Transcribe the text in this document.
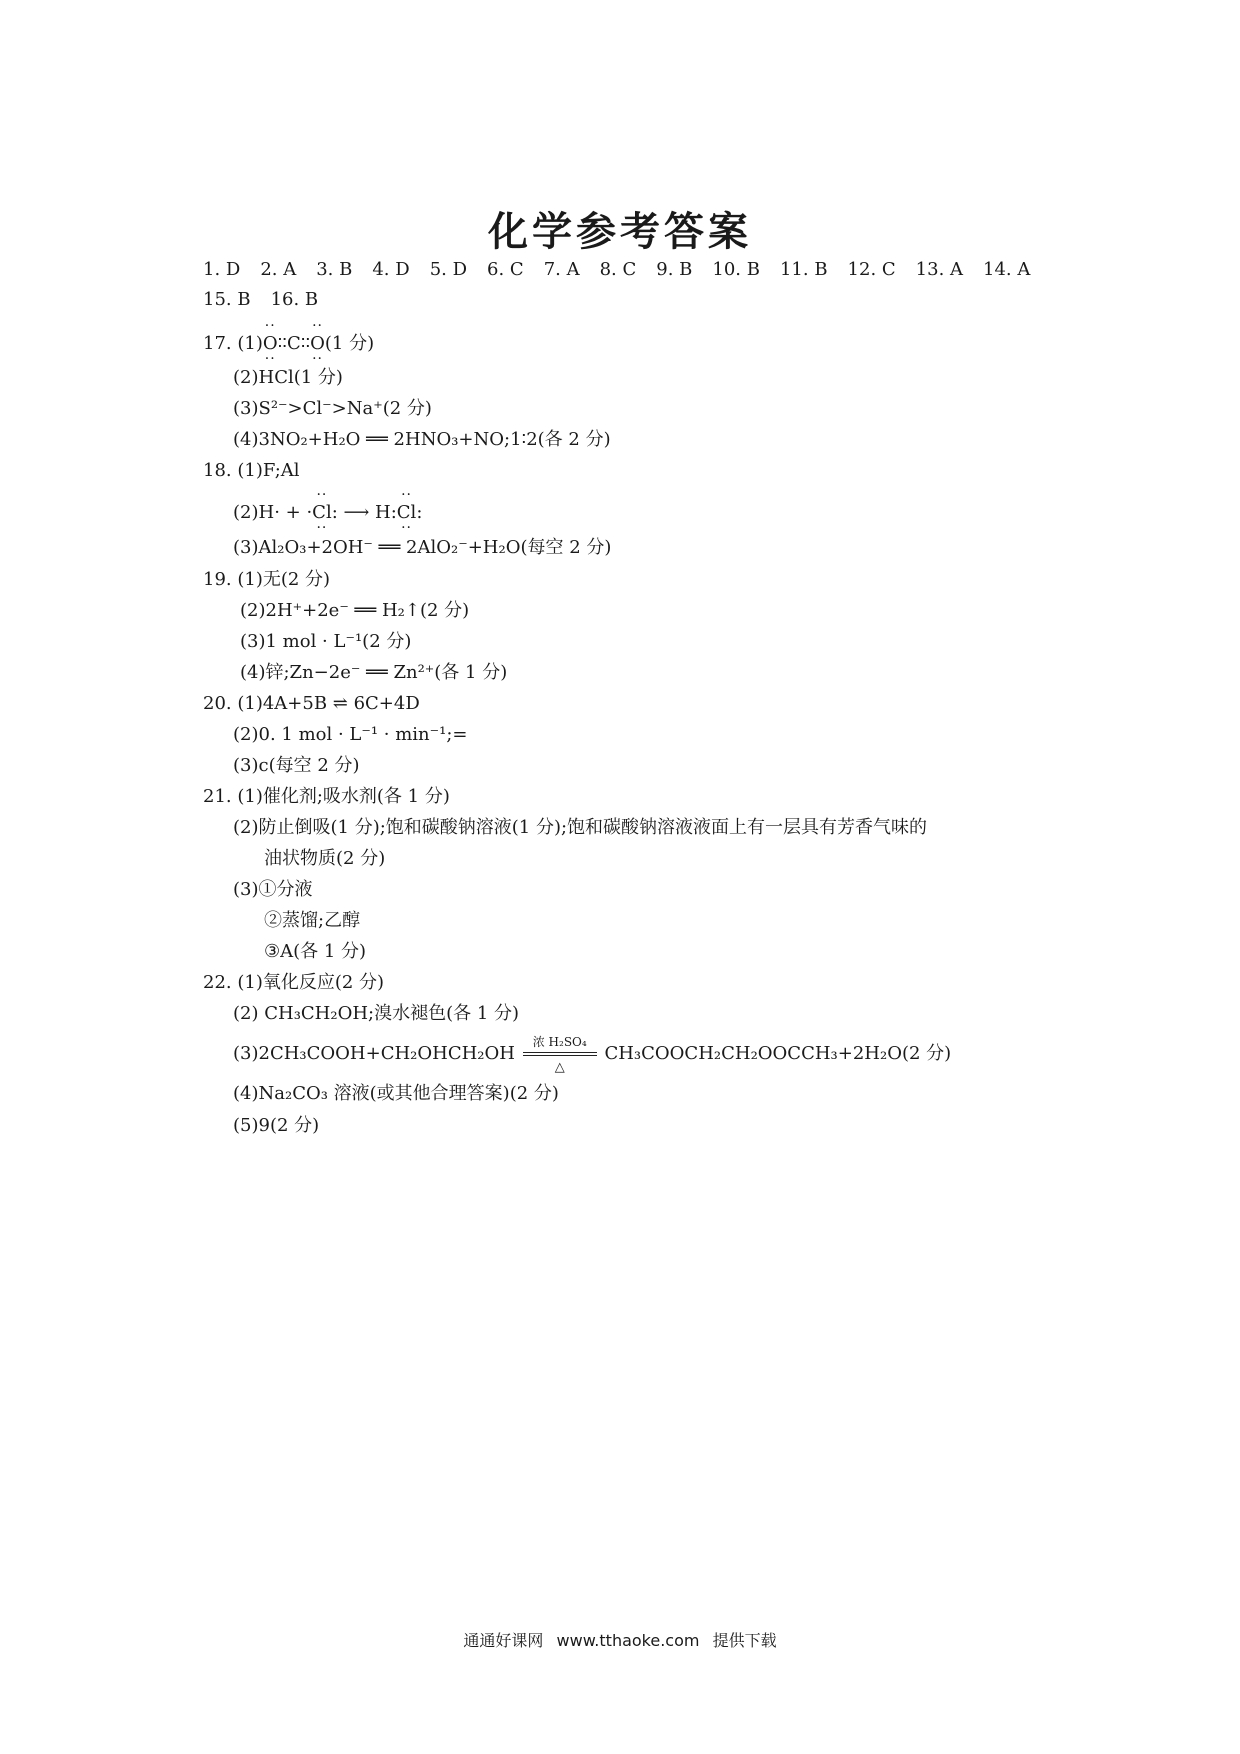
化学参考答案
1. D 2. A 3. B 4. D 5. D 6. C 7. A 8. C 9. B 10. B 11. B 12. C 13. A 14. A
15. B 16. B
17. (1)·· O ··∶∶C∶∶·· O ··(1 分)
(2)HCl(1 分)
(3)S²⁻>Cl⁻>Na⁺(2 分)
(4)3NO₂+H₂O ══ 2HNO₃+NO;1∶2(各 2 分)
18. (1)F;Al
(2)H· + ··· Cl ··: ⟶ H:·· Cl ··:
(3)Al₂O₃+2OH⁻ ══ 2AlO₂⁻+H₂O(每空 2 分)
19. (1)无(2 分)
(2)2H⁺+2e⁻ ══ H₂↑(2 分)
(3)1 mol · L⁻¹(2 分)
(4)锌;Zn−2e⁻ ══ Zn²⁺(各 1 分)
20. (1)4A+5B ⇌ 6C+4D
(2)0. 1 mol · L⁻¹ · min⁻¹;=
(3)c(每空 2 分)
21. (1)催化剂;吸水剂(各 1 分)
(2)防止倒吸(1 分);饱和碳酸钠溶液(1 分);饱和碳酸钠溶液液面上有一层具有芳香气味的
油状物质(2 分)
(3)①分液
②蒸馏;乙醇
③A(各 1 分)
22. (1)氧化反应(2 分)
(2) CH₃CH₂OH;溴水褪色(各 1 分)
(3)2CH₃COOH+CH₂OHCH₂OH
浓 H₂SO₄
△
CH₃COOCH₂CH₂OOCCH₃+2H₂O(2 分)
(4)Na₂CO₃ 溶液(或其他合理答案)(2 分)
(5)9(2 分)
通通好课网 www.tthaoke.com 提供下载
